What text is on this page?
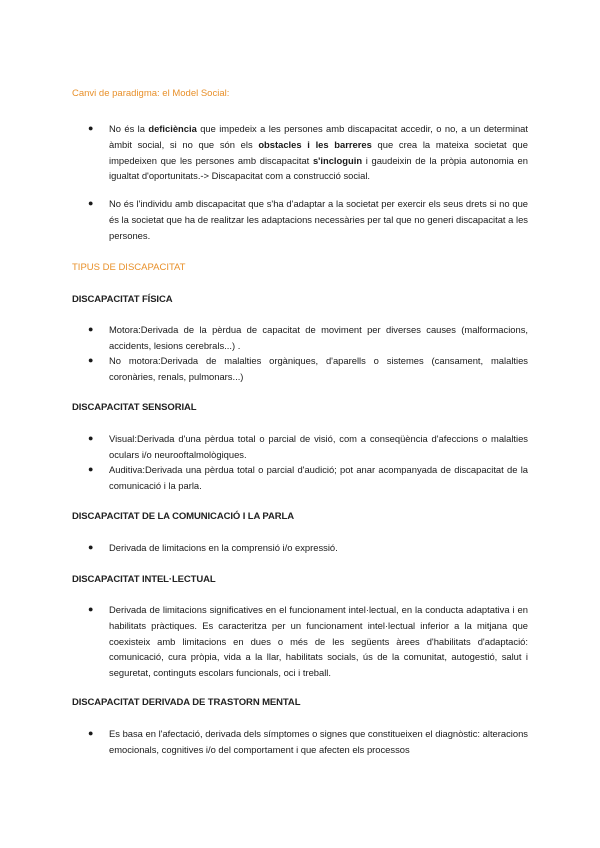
Canvi de paradigma: el Model Social:
● No és la deficiència que impedeix a les persones amb discapacitat accedir, o no, a un determinat àmbit social, si no que són els obstacles i les barreres que crea la mateixa societat que impedeixen que les persones amb discapacitat s'incloguin i gaudeixin de la pròpia autonomia en igualtat d'oportunitats.-> Discapacitat com a construcció social.
● No és l'individu amb discapacitat que s'ha d'adaptar a la societat per exercir els seus drets si no que és la societat que ha de realitzar les adaptacions necessàries per tal que no generi discapacitat a les persones.
TIPUS DE DISCAPACITAT
DISCAPACITAT FÍSICA
● Motora:Derivada de la pèrdua de capacitat de moviment per diverses causes (malformacions, accidents, lesions cerebrals...) .
● No motora:Derivada de malalties orgàniques, d'aparells o sistemes (cansament, malalties coronàries, renals, pulmonars...)
DISCAPACITAT SENSORIAL
● Visual:Derivada d'una pèrdua total o parcial de visió, com a conseqüència d'afeccions o malalties oculars i/o neurooftalmològiques.
● Auditiva:Derivada una pèrdua total o parcial d'audició; pot anar acompanyada de discapacitat de la comunicació i la parla.
DISCAPACITAT DE LA COMUNICACIÓ I LA PARLA
● Derivada de limitacions en la comprensió i/o expressió.
DISCAPACITAT INTEL·LECTUAL
● Derivada de limitacions significatives en el funcionament intel·lectual, en la conducta adaptativa i en habilitats pràctiques. Es caracteritza per un funcionament intel·lectual inferior a la mitjana que coexisteix amb limitacions en dues o més de les següents àrees d'habilitats d'adaptació: comunicació, cura pròpia, vida a la llar, habilitats socials, ús de la comunitat, autogestió, salut i seguretat, continguts escolars funcionals, oci i treball.
DISCAPACITAT DERIVADA DE TRASTORN MENTAL
● Es basa en l'afectació, derivada dels símptomes o signes que constitueixen el diagnòstic: alteracions emocionals, cognitives i/o del comportament i que afecten els processos
